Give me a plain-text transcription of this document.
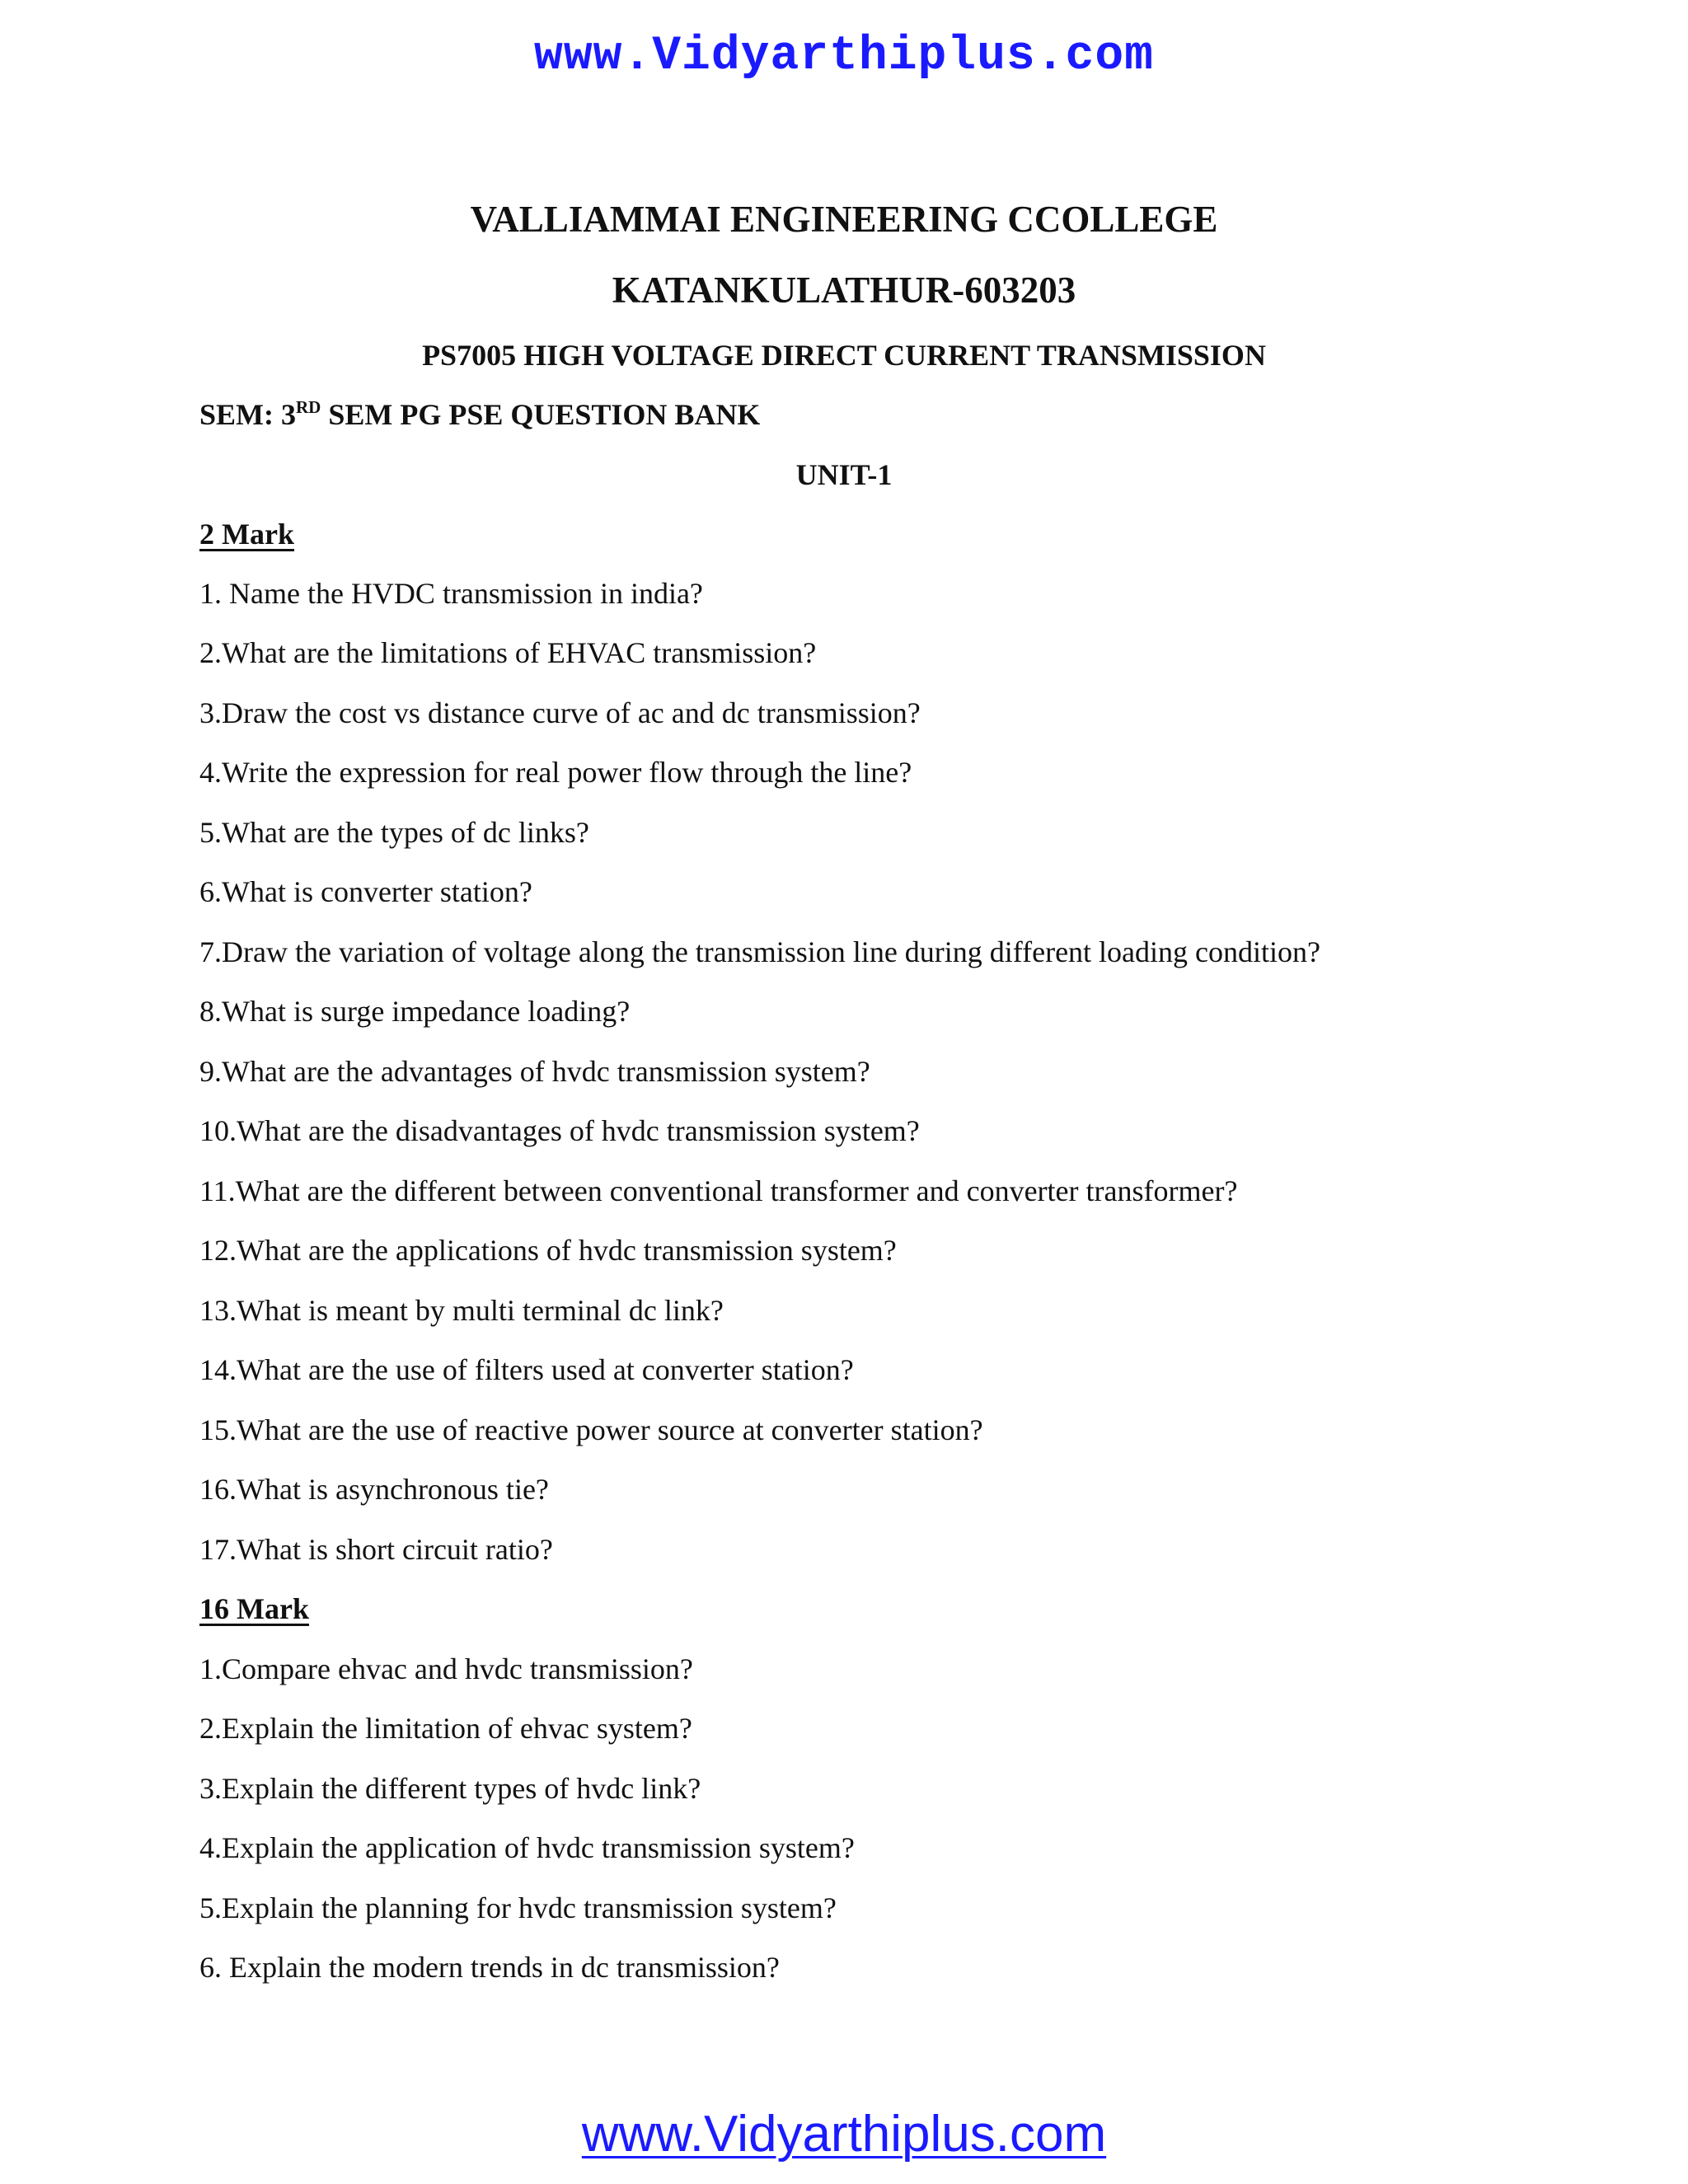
www.Vidyarthiplus.com
VALLIAMMAI ENGINEERING CCOLLEGE
KATANKULATHUR-603203
PS7005 HIGH VOLTAGE DIRECT CURRENT TRANSMISSION
SEM: 3RD SEM PG PSE QUESTION BANK
UNIT-1
2 Mark
1. Name the HVDC transmission in india?
2.What are the limitations of EHVAC transmission?
3.Draw the cost vs distance curve of ac and dc transmission?
4.Write the expression for real power flow through the line?
5.What are the types of dc links?
6.What is converter station?
7.Draw the variation of voltage along the transmission line during different loading condition?
8.What is surge impedance loading?
9.What are the advantages of hvdc transmission system?
10.What are the disadvantages of hvdc transmission system?
11.What are the different between conventional transformer and converter transformer?
12.What are the applications of hvdc transmission system?
13.What is meant by multi terminal dc link?
14.What are the use of filters used at converter station?
15.What are the use of reactive power source at converter station?
16.What is asynchronous tie?
17.What is short circuit ratio?
16 Mark
1.Compare ehvac and hvdc transmission?
2.Explain the limitation of ehvac system?
3.Explain the different types of hvdc link?
4.Explain the application of hvdc transmission system?
5.Explain the planning for hvdc transmission system?
6. Explain the modern trends in dc transmission?
www.Vidyarthiplus.com
